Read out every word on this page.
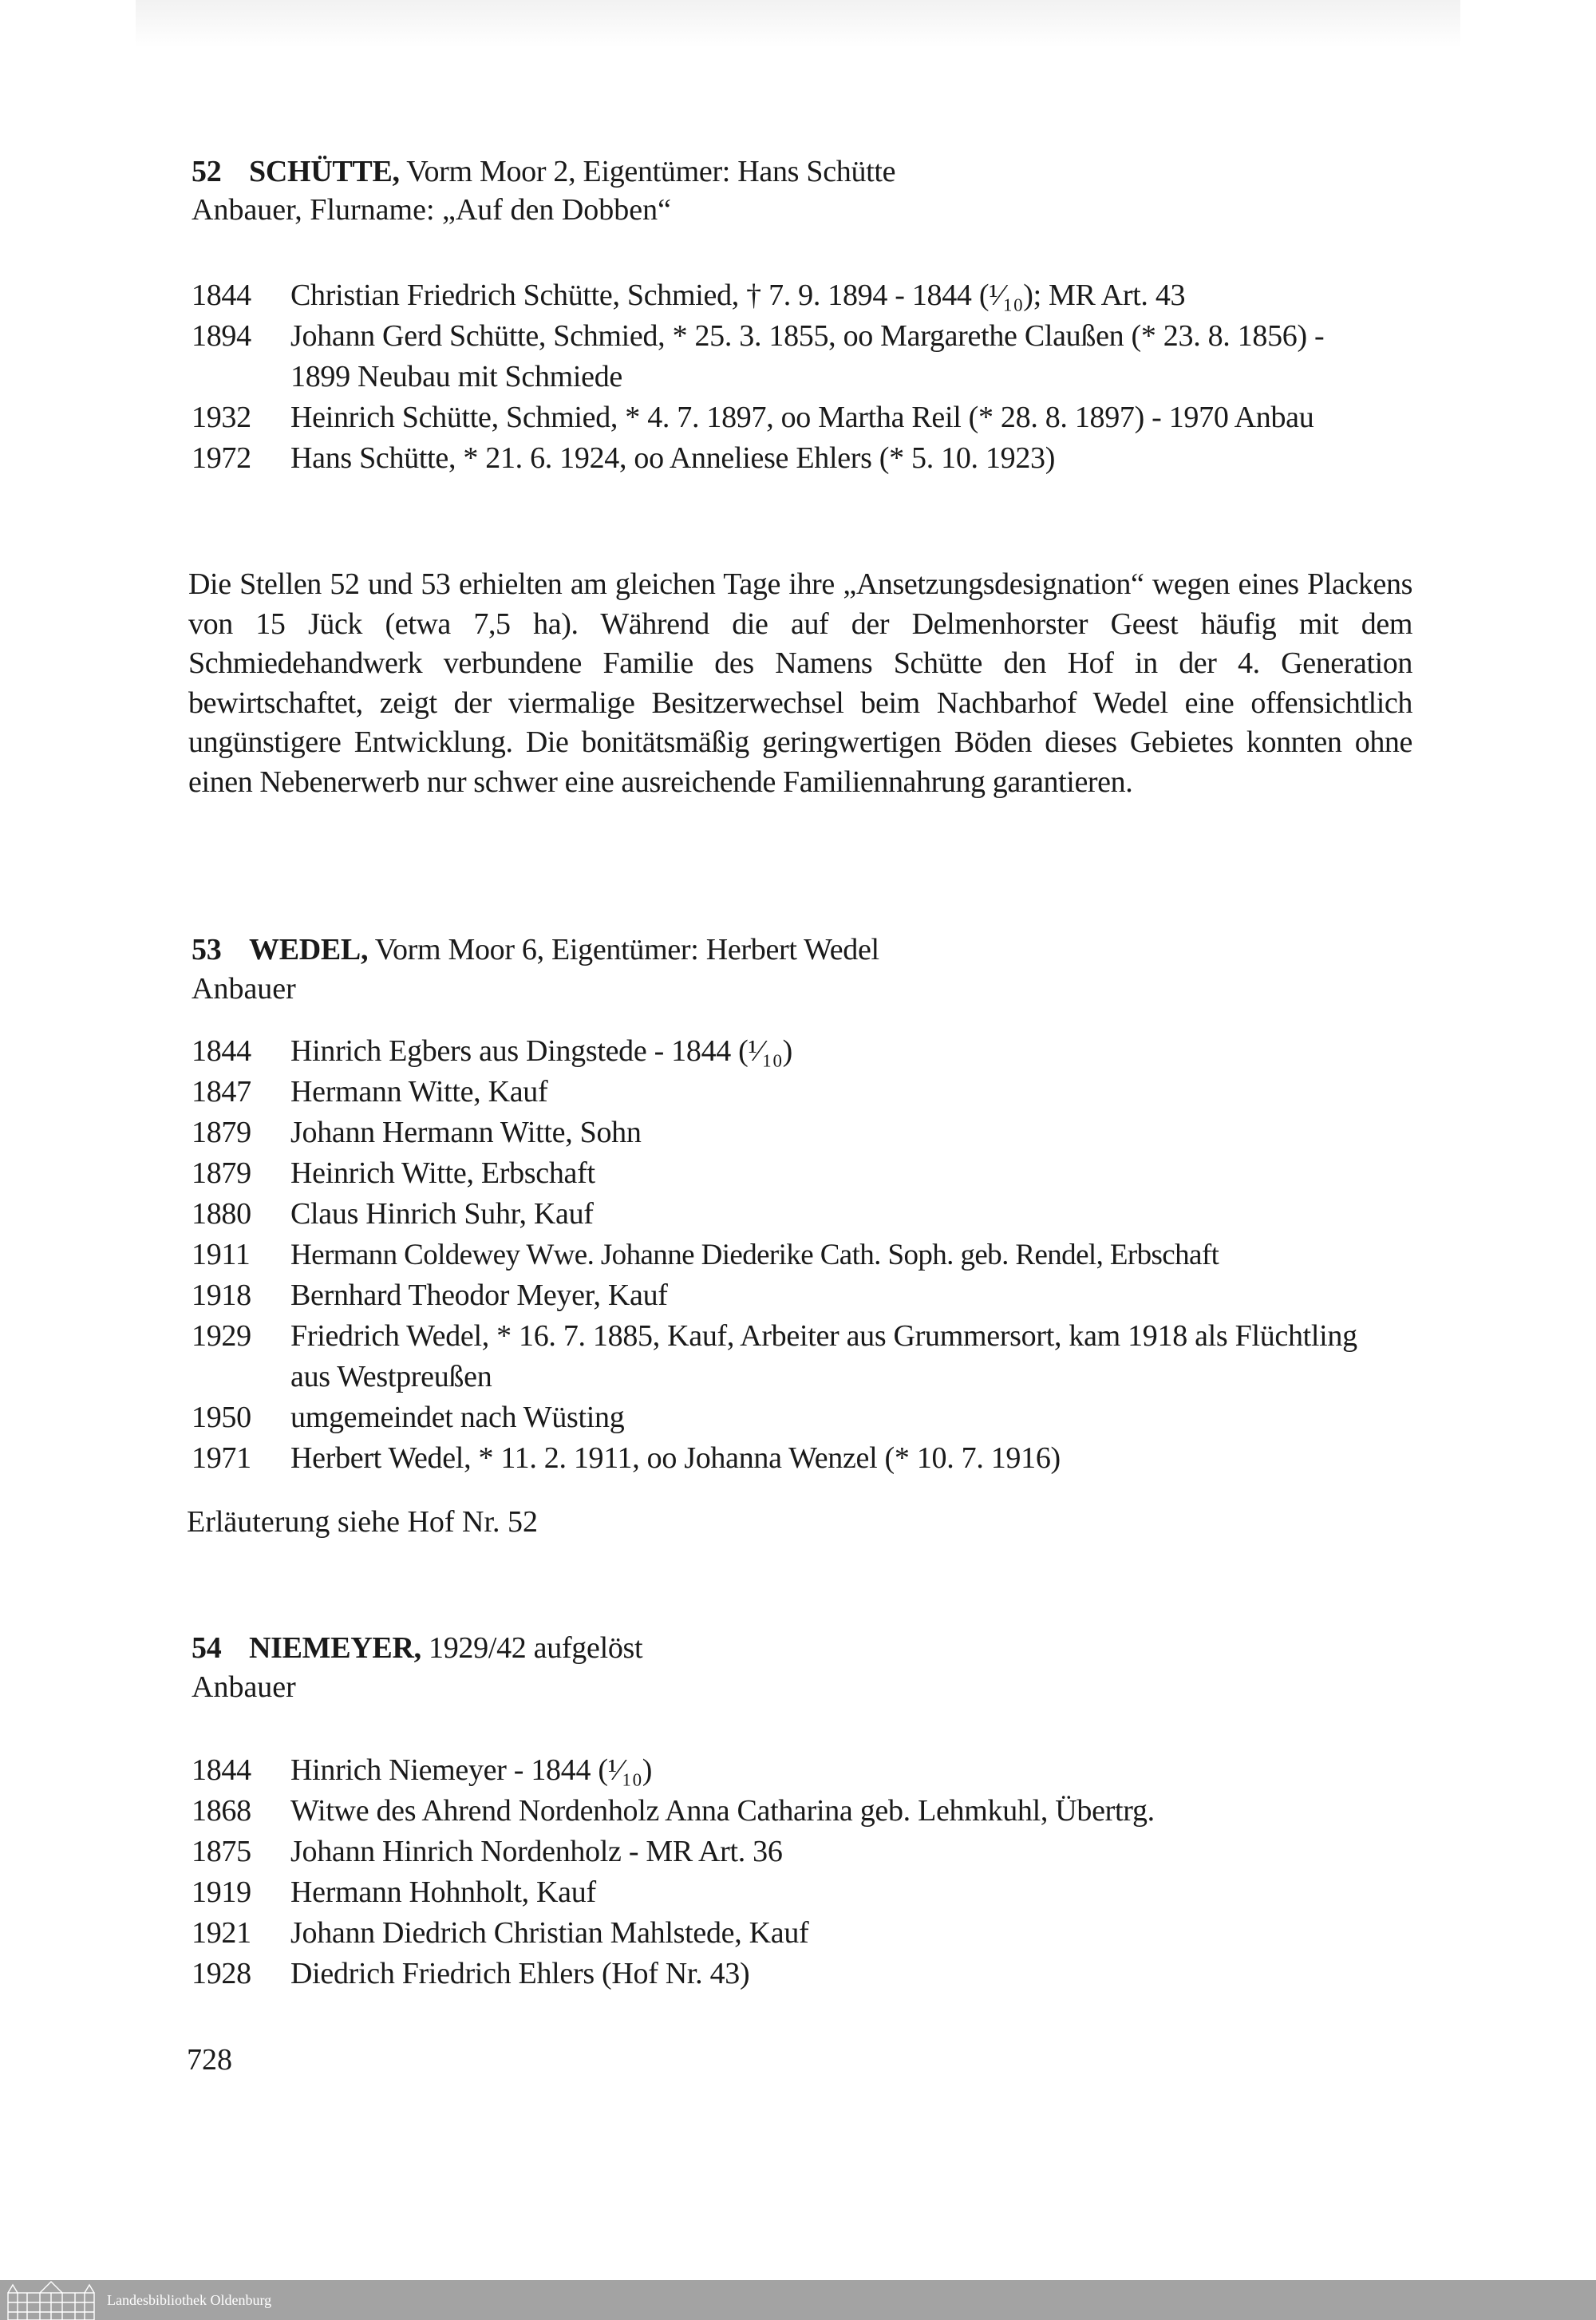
52 SCHÜTTE, Vorm Moor 2, Eigentümer: Hans Schütte
Anbauer, Flurname: „Auf den Dobben“
1844	Christian Friedrich Schütte, Schmied, † 7. 9. 1894 - 1844 (¹⁄₁₀); MR Art. 43
1894	Johann Gerd Schütte, Schmied, * 25. 3. 1855, oo Margarethe Claußen (* 23. 8. 1856) - 1899 Neubau mit Schmiede
1932	Heinrich Schütte, Schmied, * 4. 7. 1897, oo Martha Reil (* 28. 8. 1897) - 1970 Anbau
1972	Hans Schütte, * 21. 6. 1924, oo Anneliese Ehlers (* 5. 10. 1923)
Die Stellen 52 und 53 erhielten am gleichen Tage ihre „Ansetzungsdesignation“ wegen eines Plackens von 15 Jück (etwa 7,5 ha). Während die auf der Delmenhorster Geest häufig mit dem Schmiedehandwerk verbundene Familie des Namens Schütte den Hof in der 4. Generation bewirtschaftet, zeigt der viermalige Besitzerwechsel beim Nachbarhof Wedel eine offensichtlich ungünstigere Entwicklung. Die bonitätsmäßig geringwertigen Böden dieses Gebietes konnten ohne einen Nebenerwerb nur schwer eine ausreichende Familiennahrung garantieren.
53 WEDEL, Vorm Moor 6, Eigentümer: Herbert Wedel
Anbauer
1844	Hinrich Egbers aus Dingstede - 1844 (¹⁄₁₀)
1847	Hermann Witte, Kauf
1879	Johann Hermann Witte, Sohn
1879	Heinrich Witte, Erbschaft
1880	Claus Hinrich Suhr, Kauf
1911	Hermann Coldewey Wwe. Johanne Diederike Cath. Soph. geb. Rendel, Erbschaft
1918	Bernhard Theodor Meyer, Kauf
1929	Friedrich Wedel, * 16. 7. 1885, Kauf, Arbeiter aus Grummersort, kam 1918 als Flüchtling aus Westpreußen
1950	umgemeindet nach Wüsting
1971	Herbert Wedel, * 11. 2. 1911, oo Johanna Wenzel (* 10. 7. 1916)
Erläuterung siehe Hof Nr. 52
54 NIEMEYER, 1929/42 aufgelöst
Anbauer
1844	Hinrich Niemeyer - 1844 (¹⁄₁₀)
1868	Witwe des Ahrend Nordenholz Anna Catharina geb. Lehmkuhl, Übertrg.
1875	Johann Hinrich Nordenholz - MR Art. 36
1919	Hermann Hohnholt, Kauf
1921	Johann Diedrich Christian Mahlstede, Kauf
1928	Diedrich Friedrich Ehlers (Hof Nr. 43)
728
Landesbibliothek Oldenburg
